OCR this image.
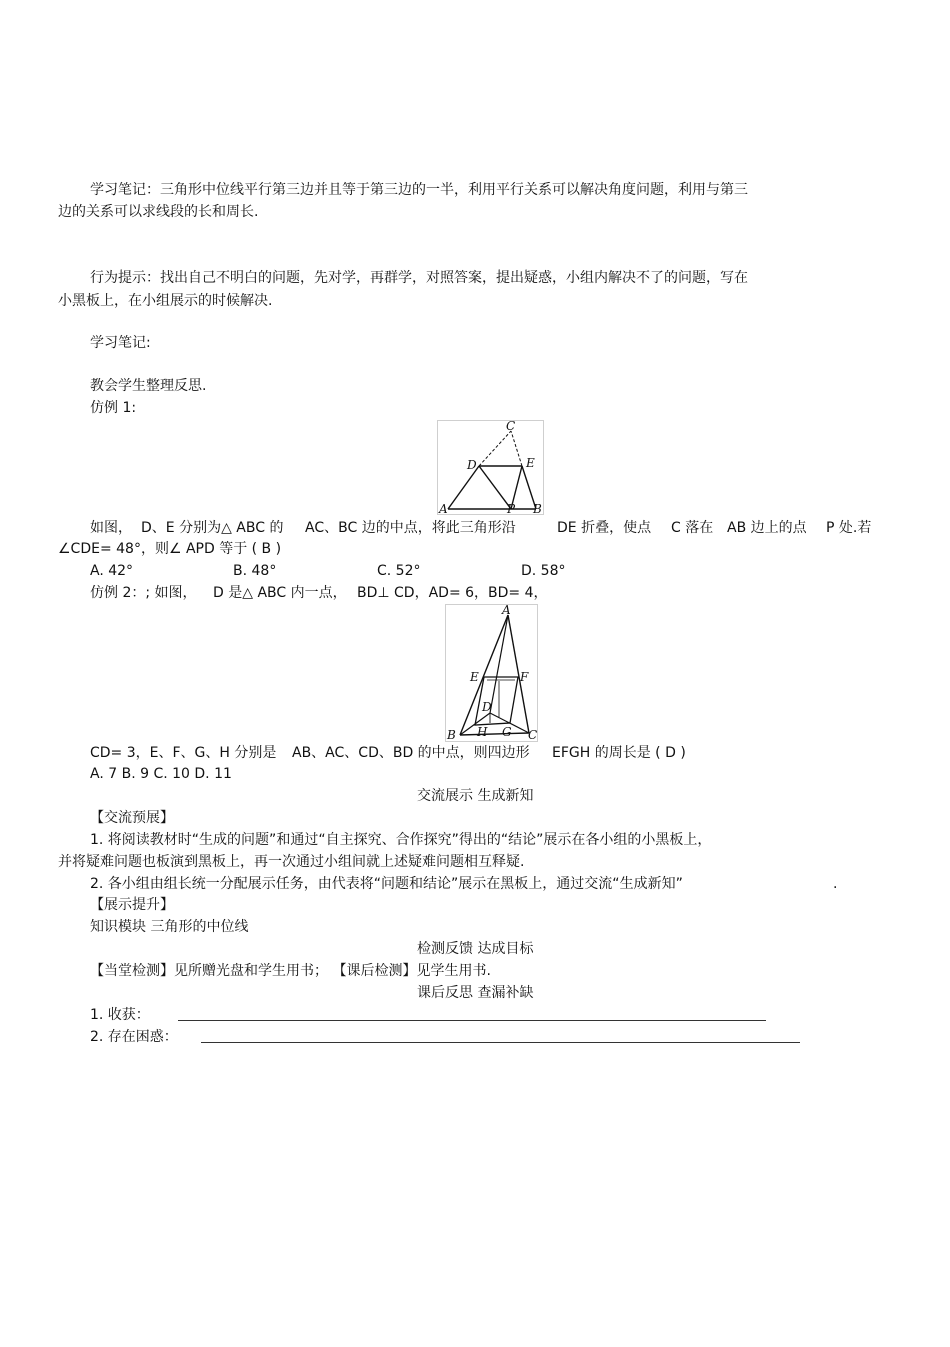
学习笔记：三角形中位线平行第三边并且等于第三边的一半，利用平行关系可以解决角度问题，利用与第三
边的关系可以求线段的长和周长.
行为提示：找出自己不明白的问题，先对学，再群学，对照答案，提出疑惑，小组内解决不了的问题，写在
小黑板上，在小组展示的时候解决.
学习笔记:
教会学生整理反思.
仿例 1:
C
D	E
A	P B
如图， D、E 分别为△ ABC 的 AC、BC 边的中点，将此三角形沿	DE 折叠，使点 C 落在 AB 边上的点 P 处.若
∠CDE= 48°，则∠ APD 等于 ( B )
A. 42°	B. 48°	C. 52°	D. 58°
仿例 2：; 如图， D 是△ ABC 内一点， BD⊥ CD，AD= 6，BD= 4，
A
E	F
D
H G
B	C
CD= 3，E、F、G、H 分别是 AB、AC、CD、BD 的中点，则四边形 EFGH 的周长是 ( D )
A. 7 B. 9 C. 10 D. 11
交流展示 生成新知
【交流预展】
1. 将阅读教材时“生成的问题”和通过“自主探究、合作探究”得出的“结论”展示在各小组的小黑板上，
并将疑难问题也板演到黑板上，再一次通过小组间就上述疑难问题相互释疑.
2. 各小组由组长统一分配展示任务，由代表将“问题和结论”展示在黑板上，通过交流“生成新知”	.
【展示提升】
知识模块 三角形的中位线
检测反馈 达成目标
【当堂检测】见所赠光盘和学生用书； 【课后检测】见学生用书.
课后反思 查漏补缺
1. 收获：
2. 存在困惑：
